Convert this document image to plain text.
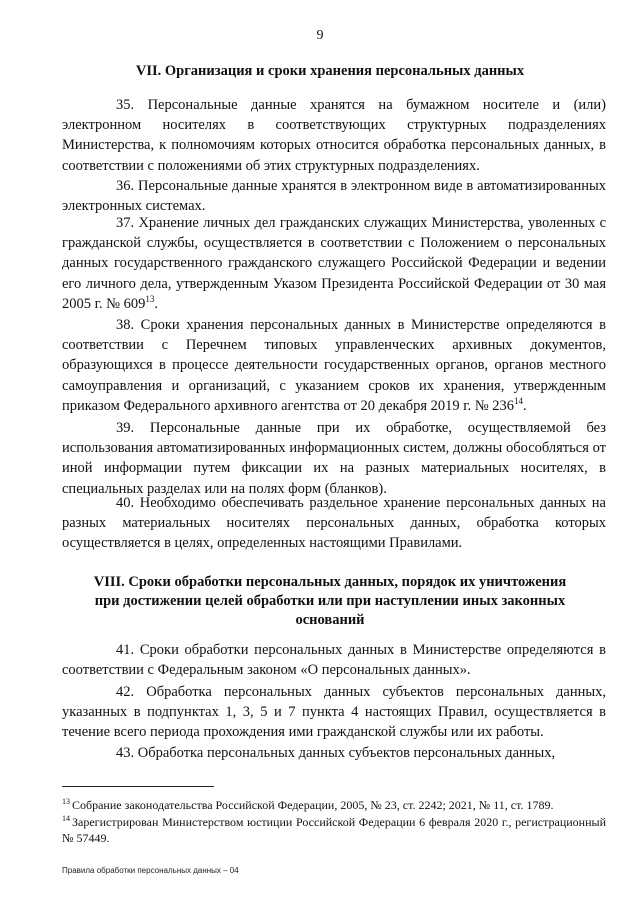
9
VII. Организация и сроки хранения персональных данных
35. Персональные данные хранятся на бумажном носителе и (или) электронном носителях в соответствующих структурных подразделениях Министерства, к полномочиям которых относится обработка персональных данных, в соответствии с положениями об этих структурных подразделениях.
36. Персональные данные хранятся в электронном виде в автоматизированных электронных системах.
37. Хранение личных дел гражданских служащих Министерства, уволенных с гражданской службы, осуществляется в соответствии с Положением о персональных данных государственного гражданского служащего Российской Федерации и ведении его личного дела, утвержденным Указом Президента Российской Федерации от 30 мая 2005 г. № $609^{13}$.
38. Сроки хранения персональных данных в Министерстве определяются в соответствии с Перечнем типовых управленческих архивных документов, образующихся в процессе деятельности государственных органов, органов местного самоуправления и организаций, с указанием сроков их хранения, утвержденным приказом Федерального архивного агентства от 20 декабря 2019 г. № $236^{14}$.
39. Персональные данные при их обработке, осуществляемой без использования автоматизированных информационных систем, должны обособляться от иной информации путем фиксации их на разных материальных носителях, в специальных разделах или на полях форм (бланков).
40. Необходимо обеспечивать раздельное хранение персональных данных на разных материальных носителях персональных данных, обработка которых осуществляется в целях, определенных настоящими Правилами.
VIII. Сроки обработки персональных данных, порядок их уничтожения при достижении целей обработки или при наступлении иных законных оснований
41. Сроки обработки персональных данных в Министерстве определяются в соответствии с Федеральным законом «О персональных данных».
42. Обработка персональных данных субъектов персональных данных, указанных в подпунктах 1, 3, 5 и 7 пункта 4 настоящих Правил, осуществляется в течение всего периода прохождения ими гражданской службы или их работы.
43. Обработка персональных данных субъектов персональных данных,
$^{13}$ Собрание законодательства Российской Федерации, 2005, № 23, ст. 2242; 2021, № 11, ст. 1789.
$^{14}$ Зарегистрирован Министерством юстиции Российской Федерации 6 февраля 2020 г., регистрационный № 57449.
Правила обработки персональных данных – 04
